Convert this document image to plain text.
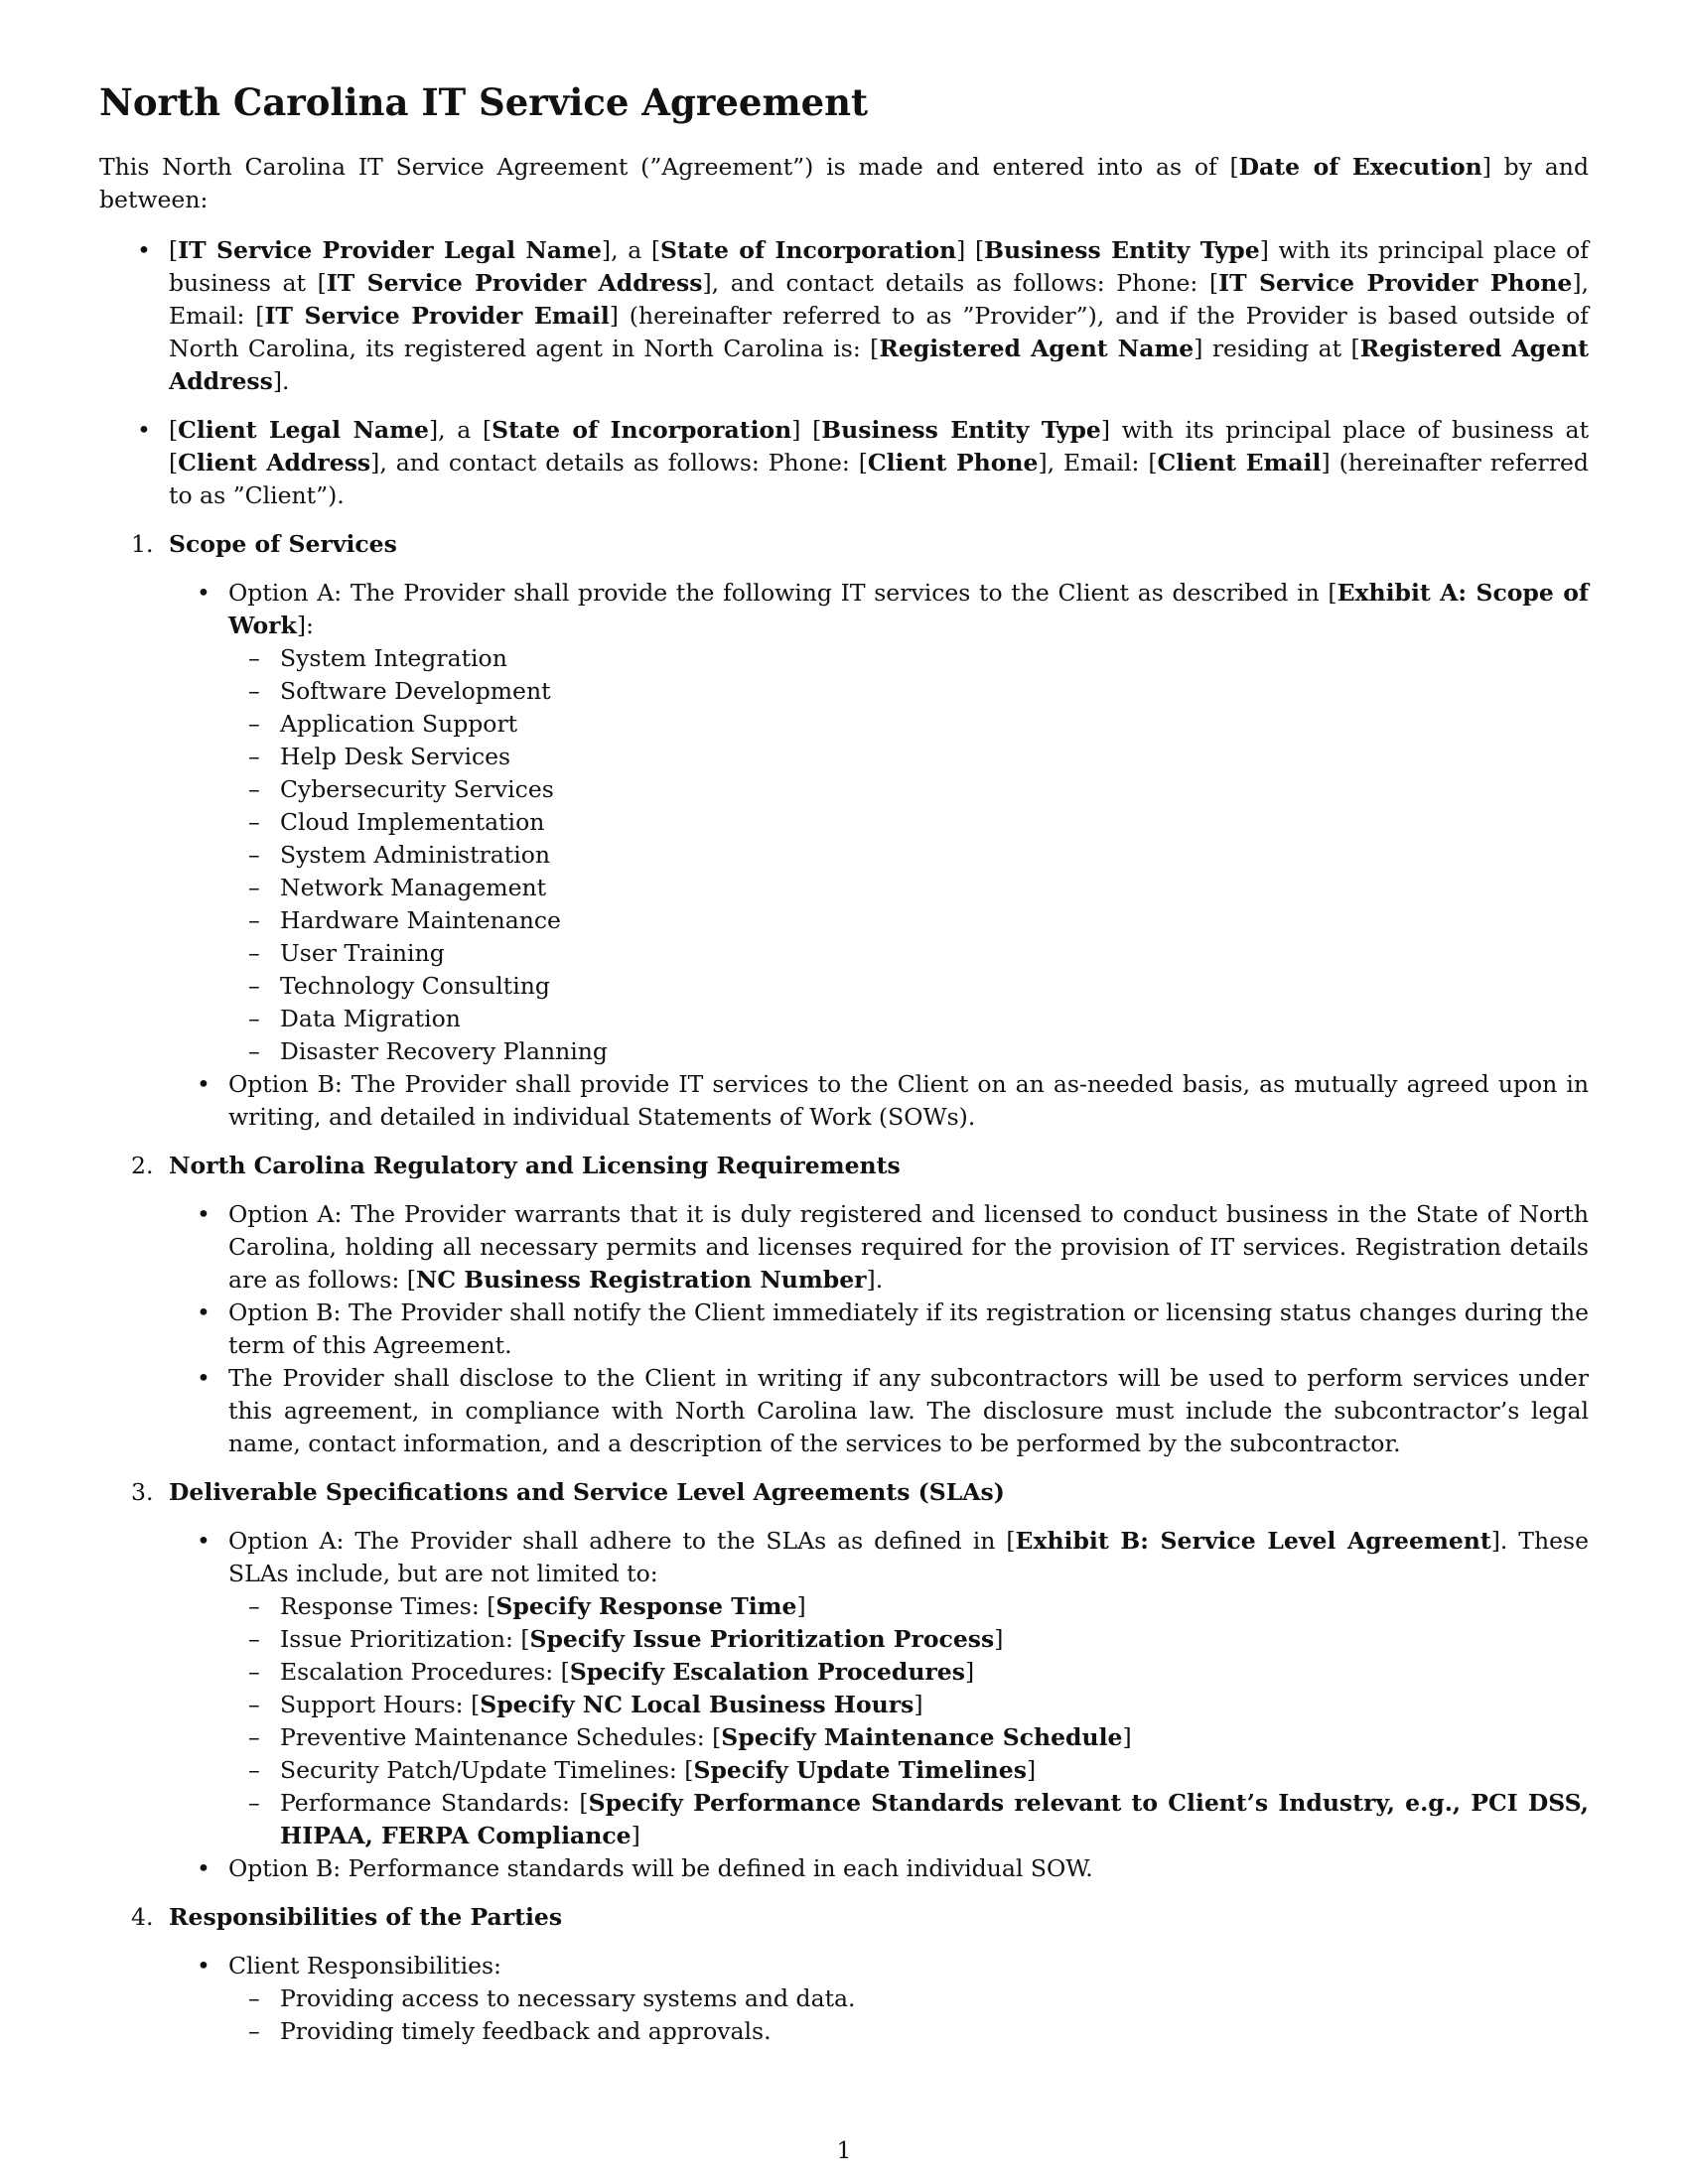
North Carolina IT Service Agreement

This North Carolina IT Service Agreement (”Agreement”) is made and entered into as of [Date of Execution] by and between:

• [IT Service Provider Legal Name], a [State of Incorporation] [Business Entity Type] with its principal place of business at [IT Service Provider Address], and contact details as follows: Phone: [IT Service Provider Phone], Email: [IT Service Provider Email] (hereinafter referred to as ”Provider”), and if the Provider is based outside of North Carolina, its registered agent in North Carolina is: [Registered Agent Name] residing at [Registered Agent Address].
• [Client Legal Name], a [State of Incorporation] [Business Entity Type] with its principal place of business at [Client Address], and contact details as follows: Phone: [Client Phone], Email: [Client Email] (hereinafter referred to as ”Client”).
1. Scope of Services
• Option A: The Provider shall provide the following IT services to the Client as described in [Exhibit A: Scope of Work]:
– System Integration
– Software Development
– Application Support
– Help Desk Services
– Cybersecurity Services
– Cloud Implementation
– System Administration
– Network Management
– Hardware Maintenance
– User Training
– Technology Consulting
– Data Migration
– Disaster Recovery Planning
• Option B: The Provider shall provide IT services to the Client on an as-needed basis, as mutually agreed upon in writing, and detailed in individual Statements of Work (SOWs).
2. North Carolina Regulatory and Licensing Requirements
• Option A: The Provider warrants that it is duly registered and licensed to conduct business in the State of North Carolina, holding all necessary permits and licenses required for the provision of IT services. Registration details are as follows: [NC Business Registration Number].
• Option B: The Provider shall notify the Client immediately if its registration or licensing status changes during the term of this Agreement.
• The Provider shall disclose to the Client in writing if any subcontractors will be used to perform services under this agreement, in compliance with North Carolina law. The disclosure must include the subcontractor’s legal name, contact information, and a description of the services to be performed by the subcontractor.
3. Deliverable Specifications and Service Level Agreements (SLAs)
• Option A: The Provider shall adhere to the SLAs as defined in [Exhibit B: Service Level Agreement]. These SLAs include, but are not limited to:
– Response Times: [Specify Response Time]
– Issue Prioritization: [Specify Issue Prioritization Process]
– Escalation Procedures: [Specify Escalation Procedures]
– Support Hours: [Specify NC Local Business Hours]
– Preventive Maintenance Schedules: [Specify Maintenance Schedule]
– Security Patch/Update Timelines: [Specify Update Timelines]
– Performance Standards: [Specify Performance Standards relevant to Client’s Industry, e.g., PCI DSS, HIPAA, FERPA Compliance]
• Option B: Performance standards will be defined in each individual SOW.
4. Responsibilities of the Parties
• Client Responsibilities:
– Providing access to necessary systems and data.
– Providing timely feedback and approvals.
1
